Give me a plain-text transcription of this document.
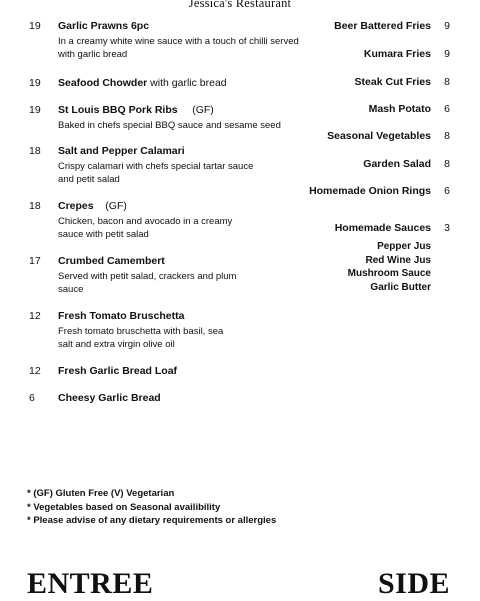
Jessica's Restaurant
19 Garlic Prawns 6pc
In a creamy white wine sauce with a touch of chilli served with garlic bread
19 Seafood Chowder with garlic bread
19 St Louis BBQ Pork Ribs (GF)
Baked in chefs special BBQ sauce and sesame seed
18 Salt and Pepper Calamari
Crispy calamari with chefs special tartar sauce and petit salad
18 Crepes (GF)
Chicken, bacon and avocado in a creamy sauce with petit salad
17 Crumbed Camembert
Served with petit salad, crackers and plum sauce
12 Fresh Tomato Bruschetta
Fresh tomato bruschetta with basil, sea salt and extra virgin olive oil
12 Fresh Garlic Bread Loaf
6 Cheesy Garlic Bread
Beer Battered Fries 9
Kumara Fries 9
Steak Cut Fries 8
Mash Potato 6
Seasonal Vegetables 8
Garden Salad 8
Homemade Onion Rings 6
Homemade Sauces 3
Pepper Jus
Red Wine Jus
Mushroom Sauce
Garlic Butter
* (GF) Gluten Free (V) Vegetarian
* Vegetables based on Seasonal availibility
* Please advise of any dietary requirements or allergies
ENTREE	SIDE
